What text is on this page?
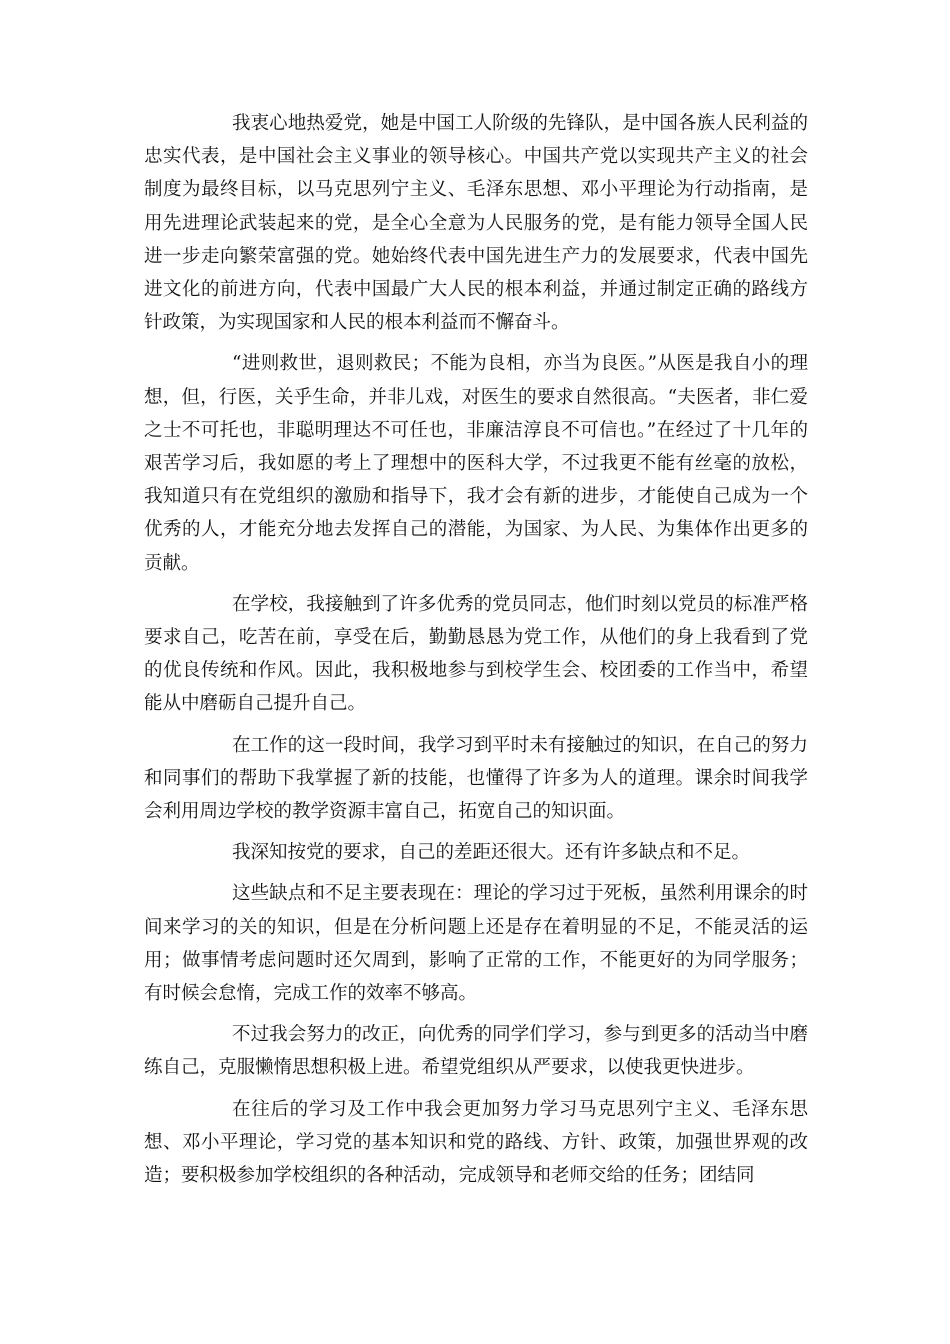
我衷心地热爱党，她是中国工人阶级的先锋队，是中国各族人民利益的忠实代表，是中国社会主义事业的领导核心。中国共产党以实现共产主义的社会制度为最终目标，以马克思列宁主义、毛泽东思想、邓小平理论为行动指南，是用先进理论武装起来的党，是全心全意为人民服务的党，是有能力领导全国人民进一步走向繁荣富强的党。她始终代表中国先进生产力的发展要求，代表中国先进文化的前进方向，代表中国最广大人民的根本利益，并通过制定正确的路线方针政策，为实现国家和人民的根本利益而不懈奋斗。

“进则救世，退则救民；不能为良相，亦当为良医。”从医是我自小的理想，但，行医，关乎生命，并非儿戏，对医生的要求自然很高。“夫医者，非仁爱之士不可托也，非聪明理达不可任也，非廉洁淳良不可信也。”在经过了十几年的艰苦学习后，我如愿的考上了理想中的医科大学，不过我更不能有丝毫的放松，我知道只有在党组织的激励和指导下，我才会有新的进步，才能使自己成为一个优秀的人，才能充分地去发挥自己的潜能，为国家、为人民、为集体作出更多的贡献。

在学校，我接触到了许多优秀的党员同志，他们时刻以党员的标准严格要求自己，吃苦在前，享受在后，勤勤恳恳为党工作，从他们的身上我看到了党的优良传统和作风。因此，我积极地参与到校学生会、校团委的工作当中，希望能从中磨砺自己提升自己。

在工作的这一段时间，我学习到平时未有接触过的知识，在自己的努力和同事们的帮助下我掌握了新的技能，也懂得了许多为人的道理。课余时间我学会利用周边学校的教学资源丰富自己，拓宽自己的知识面。

我深知按党的要求，自己的差距还很大。还有许多缺点和不足。

这些缺点和不足主要表现在：理论的学习过于死板，虽然利用课余的时间来学习的关的知识，但是在分析问题上还是存在着明显的不足，不能灵活的运用；做事情考虑问题时还欠周到，影响了正常的工作，不能更好的为同学服务；有时候会怠惰，完成工作的效率不够高。

不过我会努力的改正，向优秀的同学们学习，参与到更多的活动当中磨练自己，克服懒惰思想积极上进。希望党组织从严要求，以使我更快进步。

在往后的学习及工作中我会更加努力学习马克思列宁主义、毛泽东思想、邓小平理论，学习党的基本知识和党的路线、方针、政策，加强世界观的改造；要积极参加学校组织的各种活动，完成领导和老师交给的任务；团结同
